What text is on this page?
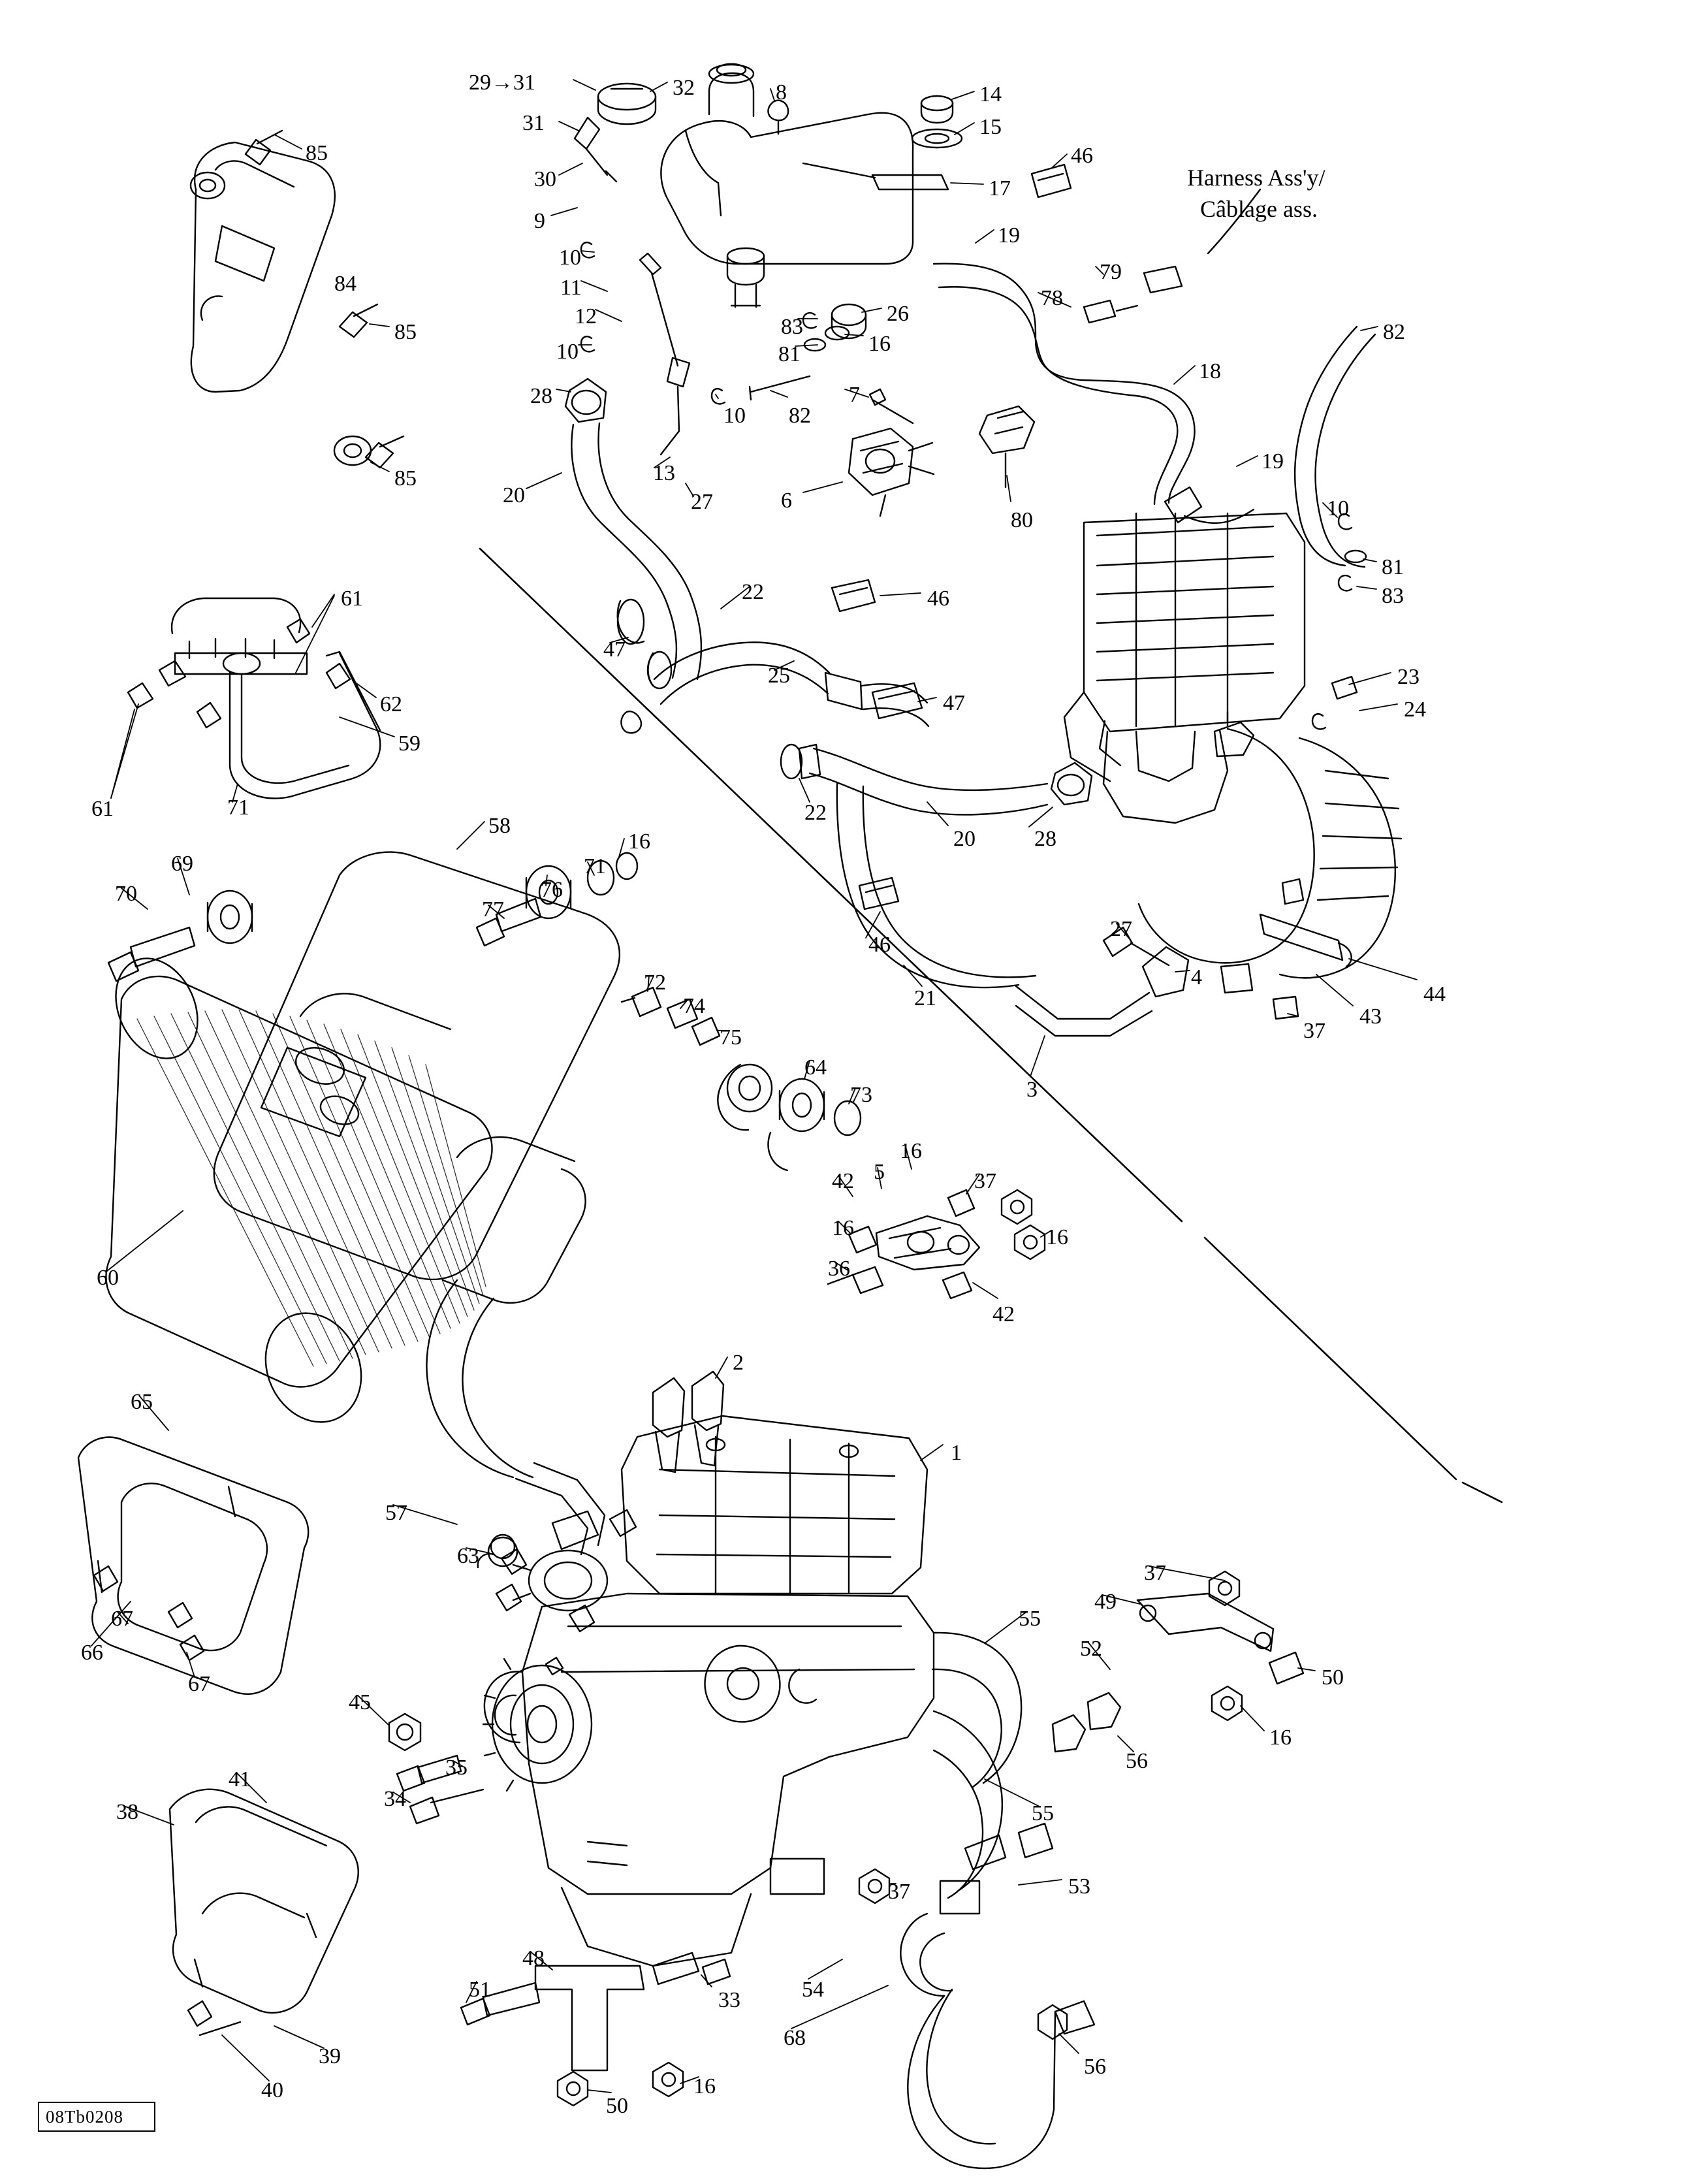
Harness Ass'y/
Câblage ass.
29→31	32	8	14
31	15
85	46
30	17
9
19
79
10
78
84	11
26
82
85
12	83
16
10	81
18
28	7
10 82
19
10
13
27	6
80
85
20
81
83
22	46
47
61
25
47
23
24
62
59
61	71	22
20	28
58
69
16
71
70	76
77
46
27
21
4
43
44
37
72
74
75
64
73	3
16
60
42 5	37
16	16
36
42
2
65
1
57
63
67
66
67
37
49
55
52
50
45
56
16
35
41
34
38	55
37	53
48
51	33	54
68
56
39
40
50
16
08Tb0208
